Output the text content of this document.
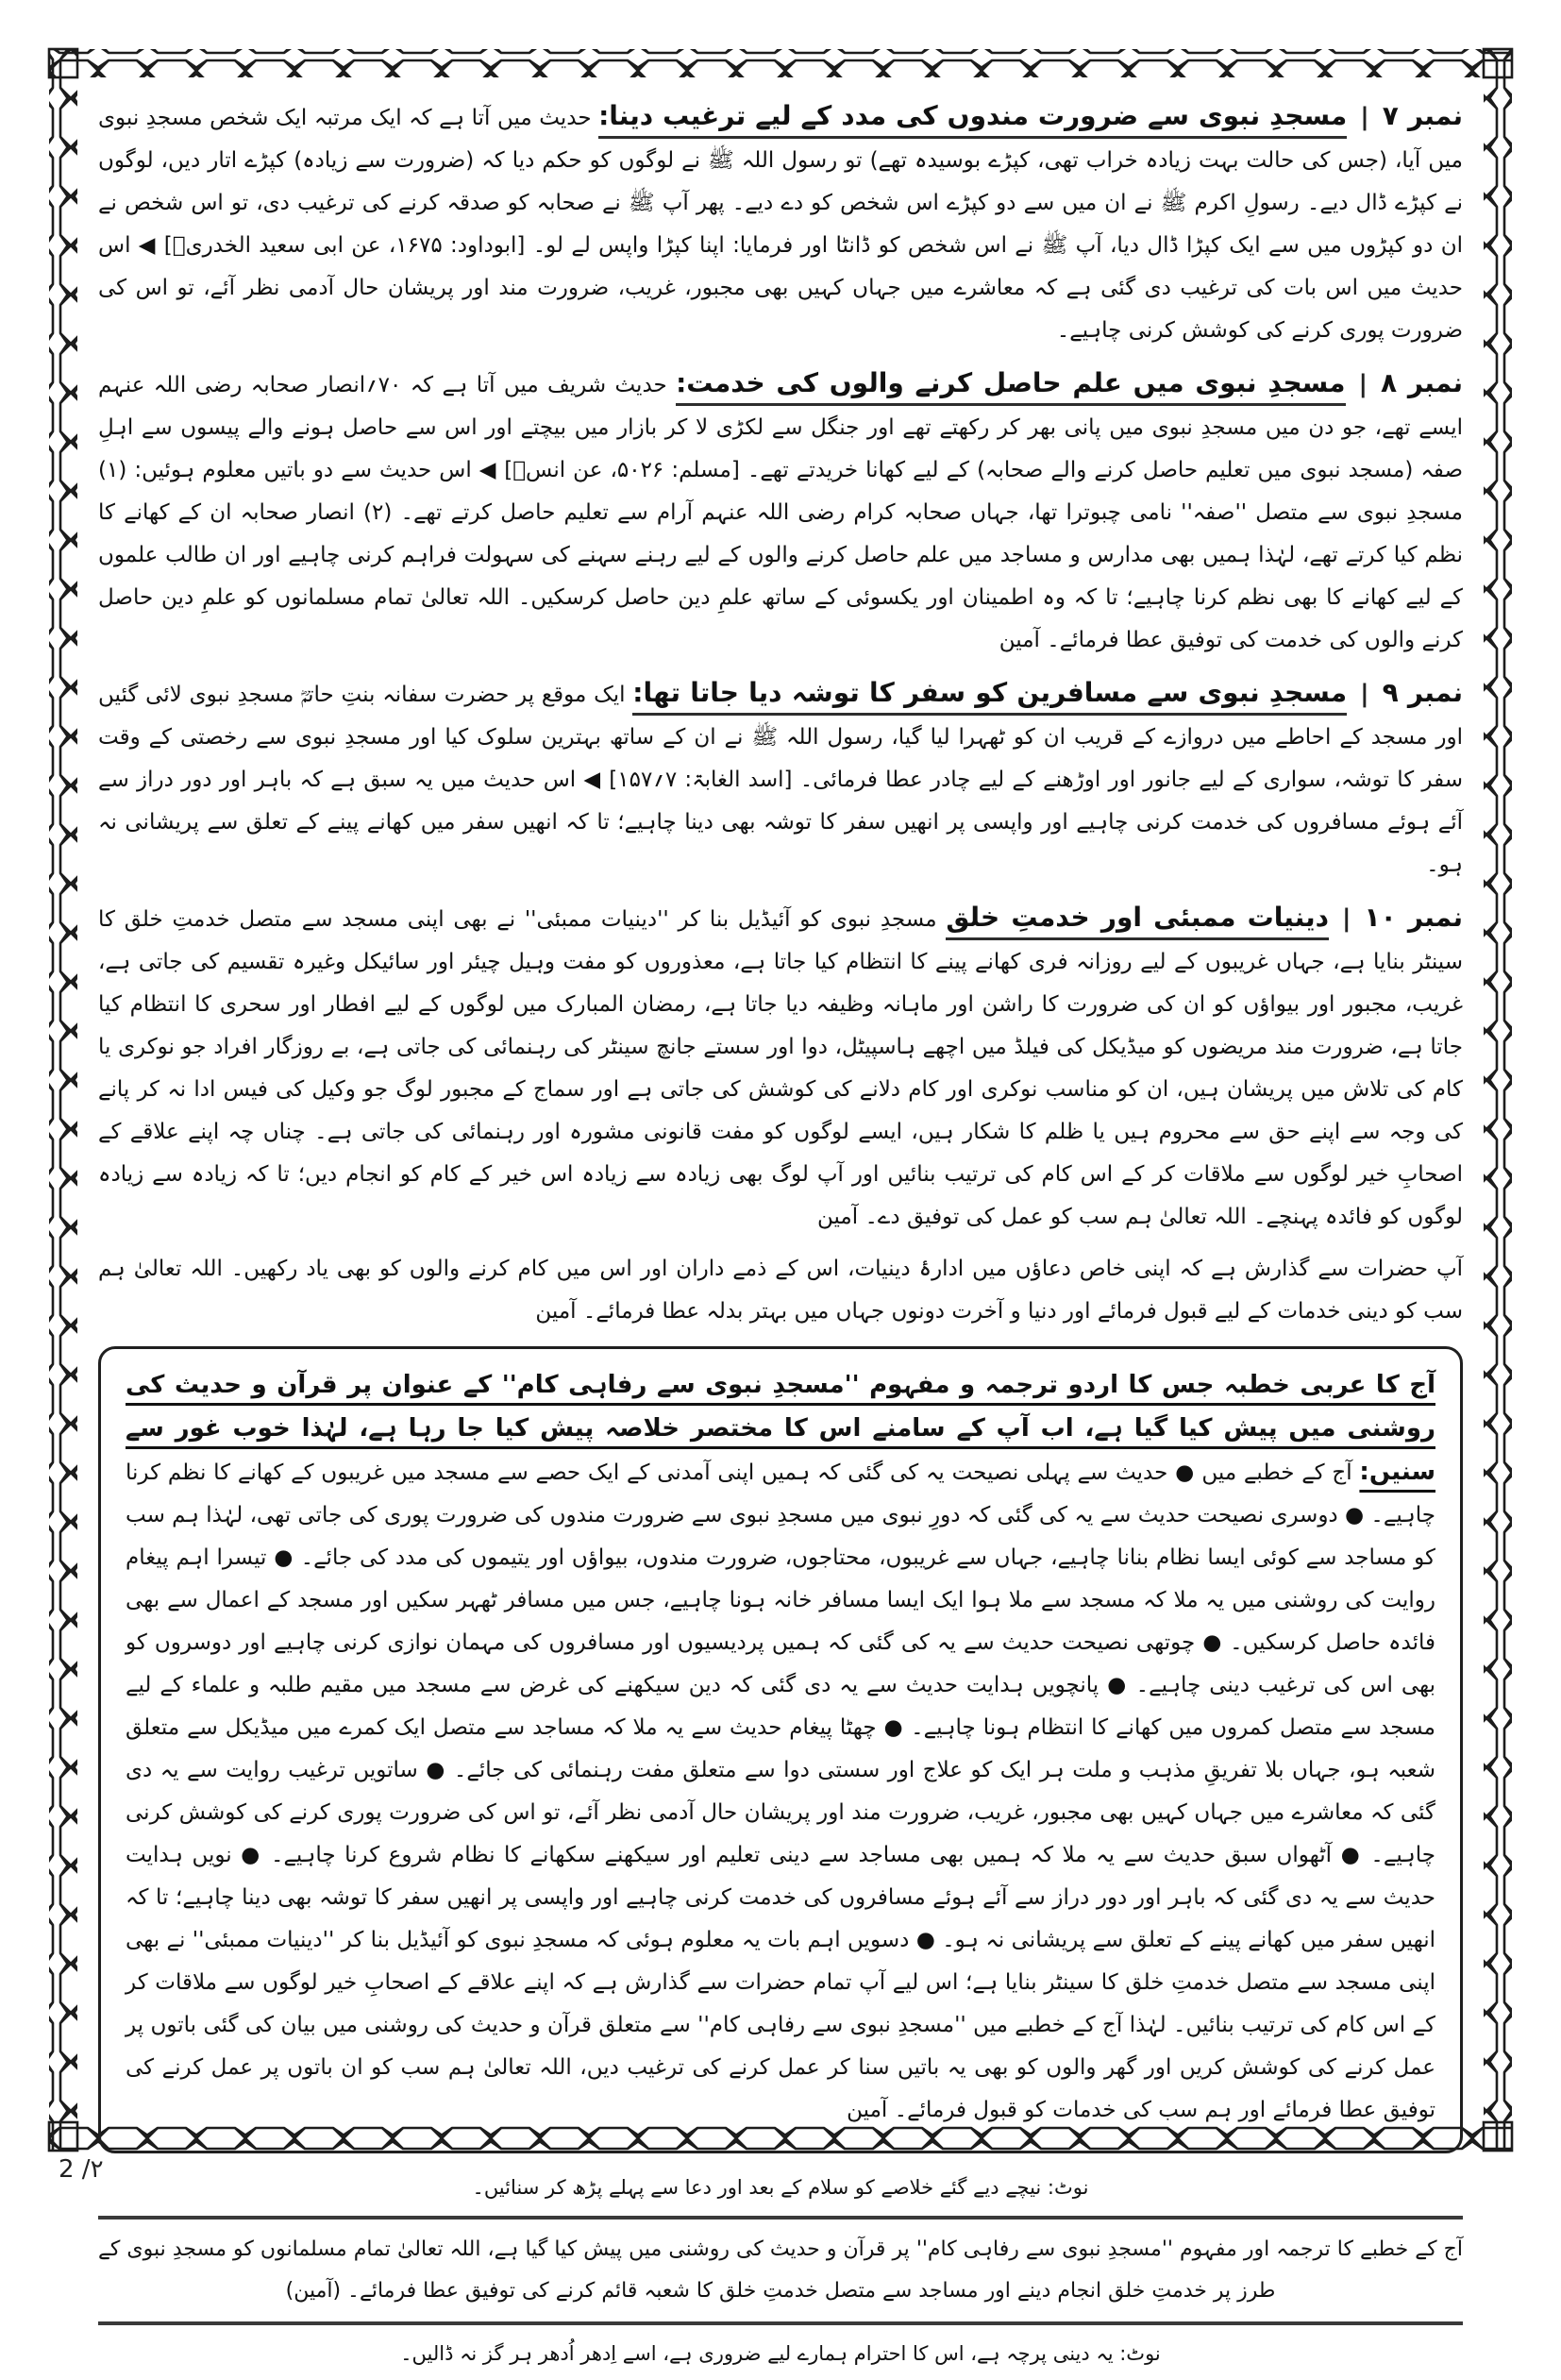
نمبر ۷|مسجدِ نبوی سے ضرورت مندوں کی مدد کے لیے ترغیب دینا: حدیث میں آتا ہے کہ ایک مرتبہ ایک شخص مسجدِ نبوی میں آیا، (جس کی حالت بہت زیادہ خراب تھی، کپڑے بوسیدہ تھے) تو رسول اللہ ﷺ نے لوگوں کو حکم دیا کہ (ضرورت سے زیادہ) کپڑے اتار دیں، لوگوں نے کپڑے ڈال دیے۔ رسولِ اکرم ﷺ نے ان میں سے دو کپڑے اس شخص کو دے دیے۔ پھر آپ ﷺ نے صحابہ کو صدقہ کرنے کی ترغیب دی، تو اس شخص نے ان دو کپڑوں میں سے ایک کپڑا ڈال دیا، آپ ﷺ نے اس شخص کو ڈانٹا اور فرمایا: اپنا کپڑا واپس لے لو۔ [ابوداود: ۱۶۷۵، عن ابی سعید الخدریؓ] ◀ اس حدیث میں اس بات کی ترغیب دی گئی ہے کہ معاشرے میں جہاں کہیں بھی مجبور، غریب، ضرورت مند اور پریشان حال آدمی نظر آئے، تو اس کی ضرورت پوری کرنے کی کوشش کرنی چاہیے۔

نمبر ۸|مسجدِ نبوی میں علم حاصل کرنے والوں کی خدمت: حدیث شریف میں آتا ہے کہ ۷۰؍انصار صحابہ رضی اللہ عنہم ایسے تھے، جو دن میں مسجدِ نبوی میں پانی بھر کر رکھتے تھے اور جنگل سے لکڑی لا کر بازار میں بیچتے اور اس سے حاصل ہونے والے پیسوں سے اہلِ صفہ (مسجد نبوی میں تعلیم حاصل کرنے والے صحابہ) کے لیے کھانا خریدتے تھے۔ [مسلم: ۵۰۲۶، عن انسؓ] ◀ اس حدیث سے دو باتیں معلوم ہوئیں: (۱) مسجدِ نبوی سے متصل ''صفہ'' نامی چبوترا تھا، جہاں صحابہ کرام رضی اللہ عنہم آرام سے تعلیم حاصل کرتے تھے۔ (۲) انصار صحابہ ان کے کھانے کا نظم کیا کرتے تھے، لہٰذا ہمیں بھی مدارس و مساجد میں علم حاصل کرنے والوں کے لیے رہنے سہنے کی سہولت فراہم کرنی چاہیے اور ان طالب علموں کے لیے کھانے کا بھی نظم کرنا چاہیے؛ تا کہ وہ اطمینان اور یکسوئی کے ساتھ علمِ دین حاصل کرسکیں۔ اللہ تعالیٰ تمام مسلمانوں کو علمِ دین حاصل کرنے والوں کی خدمت کی توفیق عطا فرمائے۔ آمین

نمبر ۹|مسجدِ نبوی سے مسافرین کو سفر کا توشہ دیا جاتا تھا: ایک موقع پر حضرت سفانہ بنتِ حاتمؓ مسجدِ نبوی لائی گئیں اور مسجد کے احاطے میں دروازے کے قریب ان کو ٹھہرا لیا گیا، رسول اللہ ﷺ نے ان کے ساتھ بہترین سلوک کیا اور مسجدِ نبوی سے رخصتی کے وقت سفر کا توشہ، سواری کے لیے جانور اور اوڑھنے کے لیے چادر عطا فرمائی۔ [اسد الغابۃ: ۷؍۱۵۷] ◀ اس حدیث میں یہ سبق ہے کہ باہر اور دور دراز سے آئے ہوئے مسافروں کی خدمت کرنی چاہیے اور واپسی پر انھیں سفر کا توشہ بھی دینا چاہیے؛ تا کہ انھیں سفر میں کھانے پینے کے تعلق سے پریشانی نہ ہو۔

نمبر ۱۰|دینیات ممبئی اور خدمتِ خلق مسجدِ نبوی کو آئیڈیل بنا کر ''دینیات ممبئی'' نے بھی اپنی مسجد سے متصل خدمتِ خلق کا سینٹر بنایا ہے، جہاں غریبوں کے لیے روزانہ فری کھانے پینے کا انتظام کیا جاتا ہے، معذوروں کو مفت وہیل چیئر اور سائیکل وغیرہ تقسیم کی جاتی ہے، غریب، مجبور اور بیواؤں کو ان کی ضرورت کا راشن اور ماہانہ وظیفہ دیا جاتا ہے، رمضان المبارک میں لوگوں کے لیے افطار اور سحری کا انتظام کیا جاتا ہے، ضرورت مند مریضوں کو میڈیکل کی فیلڈ میں اچھے ہاسپیٹل، دوا اور سستے جانچ سینٹر کی رہنمائی کی جاتی ہے، بے روزگار افراد جو نوکری یا کام کی تلاش میں پریشان ہیں، ان کو مناسب نوکری اور کام دلانے کی کوشش کی جاتی ہے اور سماج کے مجبور لوگ جو وکیل کی فیس ادا نہ کر پانے کی وجہ سے اپنے حق سے محروم ہیں یا ظلم کا شکار ہیں، ایسے لوگوں کو مفت قانونی مشورہ اور رہنمائی کی جاتی ہے۔ چناں چہ اپنے علاقے کے اصحابِ خیر لوگوں سے ملاقات کر کے اس کام کی ترتیب بنائیں اور آپ لوگ بھی زیادہ سے زیادہ اس خیر کے کام کو انجام دیں؛ تا کہ زیادہ سے زیادہ لوگوں کو فائدہ پہنچے۔ اللہ تعالیٰ ہم سب کو عمل کی توفیق دے۔ آمین

آپ حضرات سے گذارش ہے کہ اپنی خاص دعاؤں میں ادارۂ دینیات، اس کے ذمے داران اور اس میں کام کرنے والوں کو بھی یاد رکھیں۔ اللہ تعالیٰ ہم سب کو دینی خدمات کے لیے قبول فرمائے اور دنیا و آخرت دونوں جہاں میں بہتر بدلہ عطا فرمائے۔ آمین

آج کا عربی خطبہ جس کا اردو ترجمہ و مفہوم ''مسجدِ نبوی سے رفاہی کام'' کے عنوان پر قرآن و حدیث کی روشنی میں پیش کیا گیا ہے، اب آپ کے سامنے اس کا مختصر خلاصہ پیش کیا جا رہا ہے، لہٰذا خوب غور سے سنیں: آج کے خطبے میں ● حدیث سے پہلی نصیحت یہ کی گئی کہ ہمیں اپنی آمدنی کے ایک حصے سے مسجد میں غریبوں کے کھانے کا نظم کرنا چاہیے۔ ● دوسری نصیحت حدیث سے یہ کی گئی کہ دورِ نبوی میں مسجدِ نبوی سے ضرورت مندوں کی ضرورت پوری کی جاتی تھی، لہٰذا ہم سب کو مساجد سے کوئی ایسا نظام بنانا چاہیے، جہاں سے غریبوں، محتاجوں، ضرورت مندوں، بیواؤں اور یتیموں کی مدد کی جائے۔ ● تیسرا اہم پیغام روایت کی روشنی میں یہ ملا کہ مسجد سے ملا ہوا ایک ایسا مسافر خانہ ہونا چاہیے، جس میں مسافر ٹھہر سکیں اور مسجد کے اعمال سے بھی فائدہ حاصل کرسکیں۔ ● چوتھی نصیحت حدیث سے یہ کی گئی کہ ہمیں پردیسیوں اور مسافروں کی مہمان نوازی کرنی چاہیے اور دوسروں کو بھی اس کی ترغیب دینی چاہیے۔ ● پانچویں ہدایت حدیث سے یہ دی گئی کہ دین سیکھنے کی غرض سے مسجد میں مقیم طلبہ و علماء کے لیے مسجد سے متصل کمروں میں کھانے کا انتظام ہونا چاہیے۔ ● چھٹا پیغام حدیث سے یہ ملا کہ مساجد سے متصل ایک کمرے میں میڈیکل سے متعلق شعبہ ہو، جہاں بلا تفریقِ مذہب و ملت ہر ایک کو علاج اور سستی دوا سے متعلق مفت رہنمائی کی جائے۔ ● ساتویں ترغیب روایت سے یہ دی گئی کہ معاشرے میں جہاں کہیں بھی مجبور، غریب، ضرورت مند اور پریشان حال آدمی نظر آئے، تو اس کی ضرورت پوری کرنے کی کوشش کرنی چاہیے۔ ● آٹھواں سبق حدیث سے یہ ملا کہ ہمیں بھی مساجد سے دینی تعلیم اور سیکھنے سکھانے کا نظام شروع کرنا چاہیے۔ ● نویں ہدایت حدیث سے یہ دی گئی کہ باہر اور دور دراز سے آئے ہوئے مسافروں کی خدمت کرنی چاہیے اور واپسی پر انھیں سفر کا توشہ بھی دینا چاہیے؛ تا کہ انھیں سفر میں کھانے پینے کے تعلق سے پریشانی نہ ہو۔ ● دسویں اہم بات یہ معلوم ہوئی کہ مسجدِ نبوی کو آئیڈیل بنا کر ''دینیات ممبئی'' نے بھی اپنی مسجد سے متصل خدمتِ خلق کا سینٹر بنایا ہے؛ اس لیے آپ تمام حضرات سے گذارش ہے کہ اپنے علاقے کے اصحابِ خیر لوگوں سے ملاقات کر کے اس کام کی ترتیب بنائیں۔ لہٰذا آج کے خطبے میں ''مسجدِ نبوی سے رفاہی کام'' سے متعلق قرآن و حدیث کی روشنی میں بیان کی گئی باتوں پر عمل کرنے کی کوشش کریں اور گھر والوں کو بھی یہ باتیں سنا کر عمل کرنے کی ترغیب دیں، اللہ تعالیٰ ہم سب کو ان باتوں پر عمل کرنے کی توفیق عطا فرمائے اور ہم سب کی خدمات کو قبول فرمائے۔ آمین

نوٹ: نیچے دیے گئے خلاصے کو سلام کے بعد اور دعا سے پہلے پڑھ کر سنائیں۔

آج کے خطبے کا ترجمہ اور مفہوم ''مسجدِ نبوی سے رفاہی کام'' پر قرآن و حدیث کی روشنی میں پیش کیا گیا ہے، اللہ تعالیٰ تمام مسلمانوں کو مسجدِ نبوی کے طرز پر خدمتِ خلق انجام دینے اور مساجد سے متصل خدمتِ خلق کا شعبہ قائم کرنے کی توفیق عطا فرمائے۔ (آمین)

نوٹ: یہ دینی پرچہ ہے، اس کا احترام ہمارے لیے ضروری ہے، اسے اِدھر اُدھر ہر گز نہ ڈالیں۔

2 /٢
